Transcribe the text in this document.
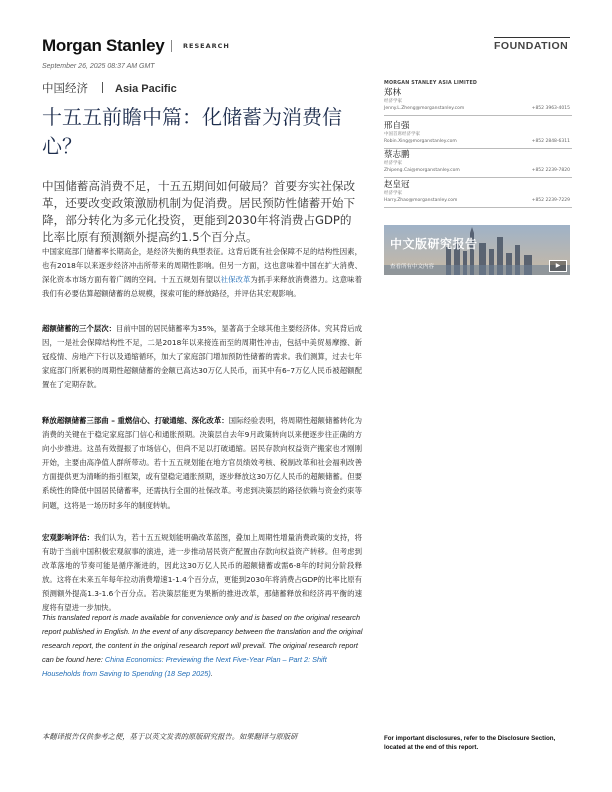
Morgan Stanley	RESEARCH	FOUNDATION
September 26, 2025 08:37 AM GMT
中国经济 Asia Pacific
十五五前瞻中篇：化储蓄为消费信心？
中国储蓄高消费不足，十五五期间如何破局？首要夯实社保改革，还要改变政策激励机制为促消费。居民预防性储蓄开始下降，部分转化为多元化投资，更能到2030年将消费占GDP的比率比原有预测额外提高约1.5个百分点。
中国家庭部门储蓄率长期高企，是经济失衡的典型表征。这背后既有社会保障不足的结构性因素，也有2018年以来逐步经济冲击所带来的周期性影响。但另一方面，这也意味着中国在扩大消费、深化资本市场方面有着广阔的空间。十五五规划有望以社保改革为抓手来释放消费潜力。这意味着我们有必要估算超额储蓄的总规模，探索可能的释放路径，并评估其宏观影响。
超额储蓄的三个层次：目前中国的居民储蓄率为35%，显著高于全球其他主要经济体。究其背后成因，一是社会保障结构性不足，二是2018年以来接连而至的周期性冲击，包括中美贸易摩擦、新冠疫情、房地产下行以及通缩循环，加大了家庭部门增加预防性储蓄的需求。我们测算，过去七年家庭部门所累积的周期性超额储蓄的金额已高达30万亿人民币，而其中有6–7万亿人民币被超额配置在了定期存款。
释放超额储蓄三部曲 – 重燃信心、打破通缩、深化改革：国际经验表明，将周期性超额储蓄转化为消费的关键在于稳定家庭部门信心和通胀预期。决策层自去年9月政策转向以来便逐步往正确的方向小步推进。这虽有效提振了市场信心，但尚不足以打破通缩。居民存款向权益资产搬家也才刚刚开始，主要由高净值人群所带动。若十五五规划能在地方官员绩效考核、税制改革和社会福利改善方面提供更为清晰的指引框架，或有望稳定通胀预期，逐步释放这30万亿人民币的超额储蓄。但要系统性的降低中国居民储蓄率，还需执行全面的社保改革。考虑到决策层的路径依赖与资金约束等问题，这将是一场历时多年的制度转轨。
宏观影响评估：我们认为，若十五五规划能明确改革蓝图，叠加上周期性增量消费政策的支持，将有助于当前中国积极宏观叙事的演进，进一步推动居民资产配置由存款向权益资产转移。但考虑到改革落地的节奏可能是循序渐进的，因此这30万亿人民币的超额储蓄或需6-8年的时间分阶段释放。这将在未来五年每年拉动消费增速1-1.4个百分点，更能到2030年将消费占GDP的比率比原有预测额外提高1.3-1.6个百分点。若决策层能更为果断的推进改革，那储蓄释放和经济再平衡的速度将有望进一步加快。
This translated report is made available for convenience only and is based on the original research report published in English. In the event of any discrepancy between the translation and the original research report, the content in the original research report will prevail. The original research report can be found here: China Economics: Previewing the Next Five-Year Plan – Part 2: Shift Households from Saving to Spending (18 Sep 2025).
本翻译报告仅供参考之便，基于以英文发表的原版研究报告。如果翻译与原版研
MORGAN STANLEY ASIA LIMITED
郑林
经济学家
Jenny.L.Zheng@morganstanley.com	+852 3963-4015
邢自强
中国首席经济学家
Robin.Xing@morganstanley.com	+852 2848-6311
蔡志鹏
经济学家
Zhipeng.Cai@morganstanley.com	+852 2239-7820
赵皇冠
经济学家
Harry.Zhao@morganstanley.com	+852 2239-7229
中文版研究报告
查看所有中文内容	▶
For important disclosures, refer to the Disclosure Section, located at the end of this report.
